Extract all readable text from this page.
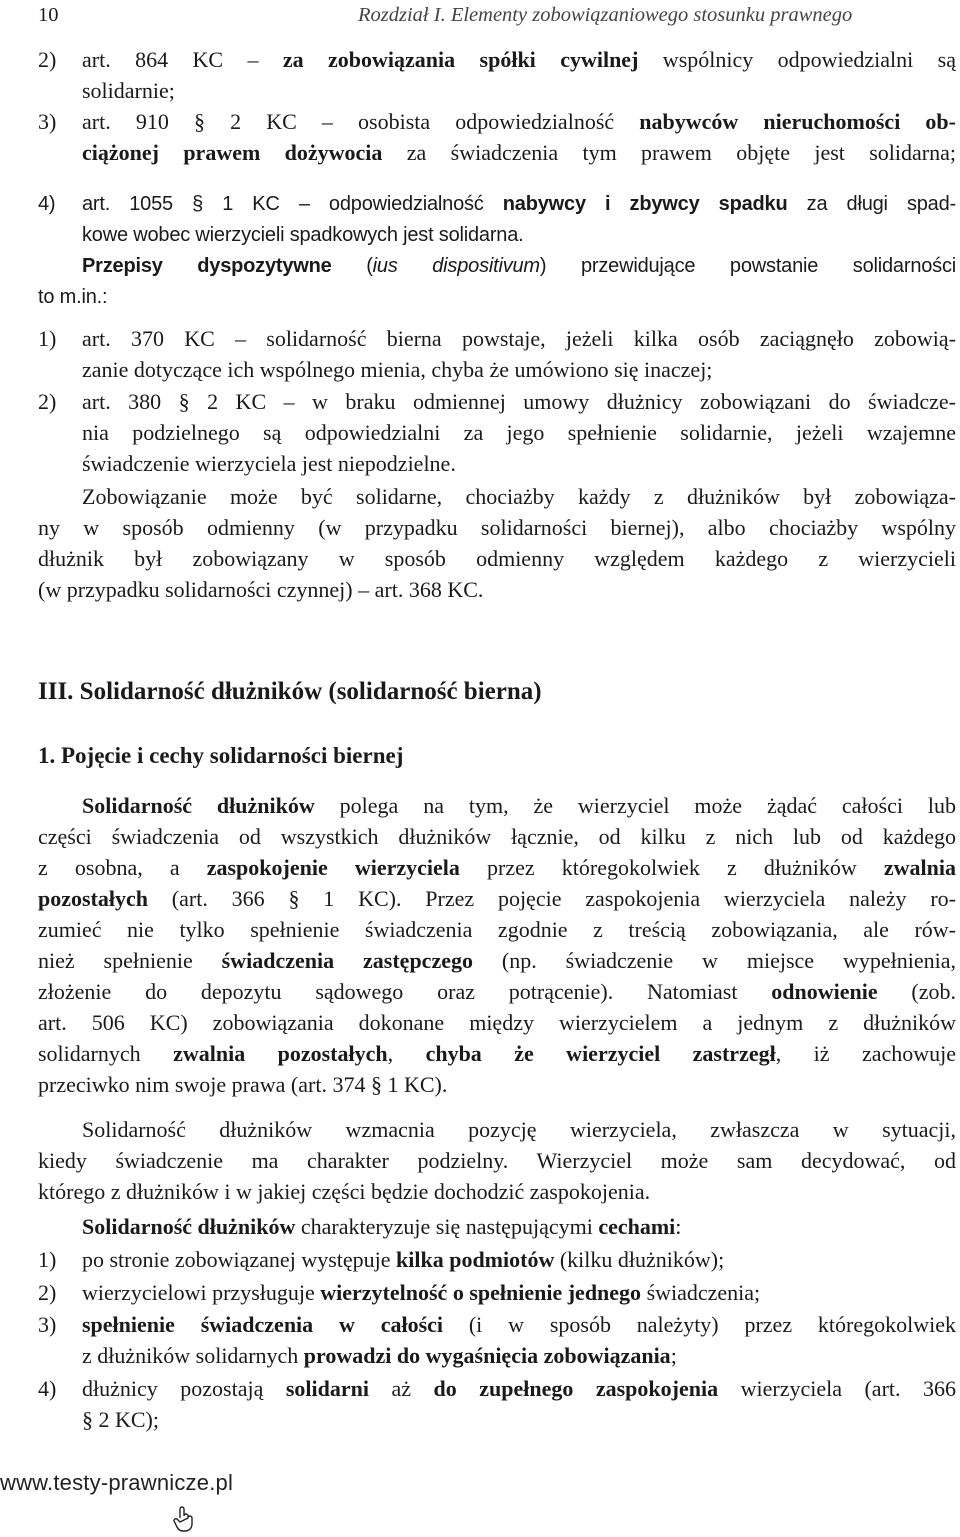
10	Rozdział I. Elementy zobowiązaniowego stosunku prawnego
2) art. 864 KC – za zobowiązania spółki cywilnej wspólnicy odpowiedzialni są
solidarnie;
3) art. 910 § 2 KC – osobista odpowiedzialność nabywców nieruchomości ob-
ciążonej prawem dożywocia za świadczenia tym prawem objęte jest solidarna;
4) art. 1055 § 1 KC – odpowiedzialność nabywcy i zbywcy spadku za długi spad-
kowe wobec wierzycieli spadkowych jest solidarna.
Przepisy dyspozytywne (ius dispositivum) przewidujące powstanie solidarności
to m.in.:
1) art. 370 KC – solidarność bierna powstaje, jeżeli kilka osób zaciągnęło zobowią-
zanie dotyczące ich wspólnego mienia, chyba że umówiono się inaczej;
2) art. 380 § 2 KC – w braku odmiennej umowy dłużnicy zobowiązani do świadcze-
nia podzielnego są odpowiedzialni za jego spełnienie solidarnie, jeżeli wzajemne
świadczenie wierzyciela jest niepodzielne.
Zobowiązanie może być solidarne, chociażby każdy z dłużników był zobowiąza-
ny w sposób odmienny (w przypadku solidarności biernej), albo chociażby wspólny
dłużnik był zobowiązany w sposób odmienny względem każdego z wierzycieli
(w przypadku solidarności czynnej) – art. 368 KC.
III. Solidarność dłużników (solidarność bierna)
1. Pojęcie i cechy solidarności biernej
Solidarność dłużników polega na tym, że wierzyciel może żądać całości lub
części świadczenia od wszystkich dłużników łącznie, od kilku z nich lub od każdego
z osobna, a zaspokojenie wierzyciela przez któregokolwiek z dłużników zwalnia
pozostałych (art. 366 § 1 KC). Przez pojęcie zaspokojenia wierzyciela należy ro-
zumieć nie tylko spełnienie świadczenia zgodnie z treścią zobowiązania, ale rów-
nież spełnienie świadczenia zastępczego (np. świadczenie w miejsce wypełnienia,
złożenie do depozytu sądowego oraz potrącenie). Natomiast odnowienie (zob.
art. 506 KC) zobowiązania dokonane między wierzycielem a jednym z dłużników
solidarnych zwalnia pozostałych, chyba że wierzyciel zastrzegł, iż zachowuje
przeciwko nim swoje prawa (art. 374 § 1 KC).
Solidarność dłużników wzmacnia pozycję wierzyciela, zwłaszcza w sytuacji,
kiedy świadczenie ma charakter podzielny. Wierzyciel może sam decydować, od
którego z dłużników i w jakiej części będzie dochodzić zaspokojenia.
Solidarność dłużników charakteryzuje się następującymi cechami:
1) po stronie zobowiązanej występuje kilka podmiotów (kilku dłużników);
2) wierzycielowi przysługuje wierzytelność o spełnienie jednego świadczenia;
3) spełnienie świadczenia w całości (i w sposób należyty) przez któregokolwiek
z dłużników solidarnych prowadzi do wygaśnięcia zobowiązania;
4) dłużnicy pozostają solidarni aż do zupełnego zaspokojenia wierzyciela (art. 366
§ 2 KC);
www.testy-prawnicze.pl
